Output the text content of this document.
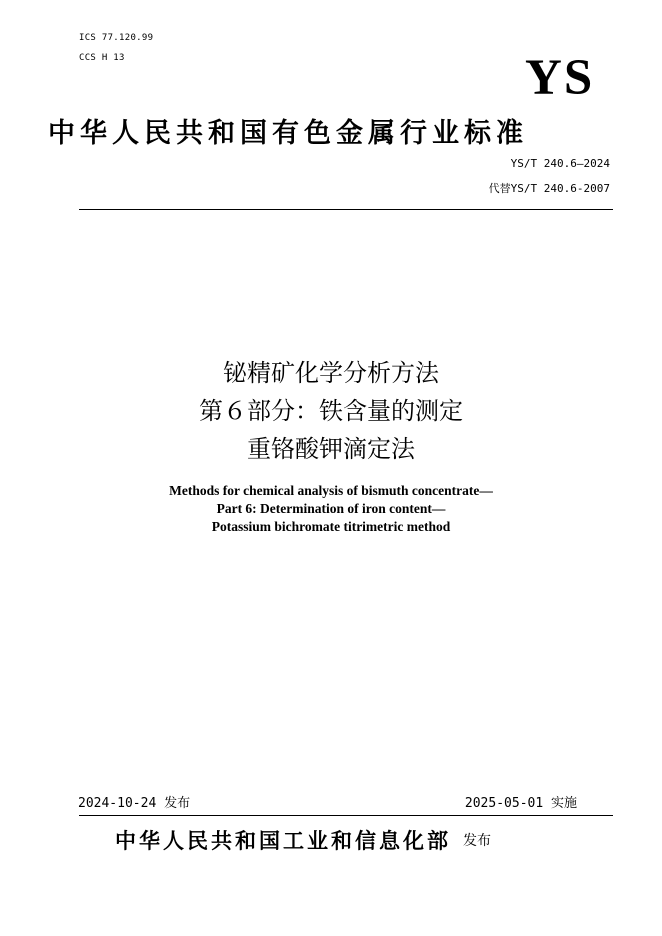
ICS 77.120.99
CCS H 13	YS
中华人民共和国有色金属行业标准
YS/T 240.6—2024
代替YS/T 240.6-2007
铋精矿化学分析方法
第６部分：铁含量的测定
重铬酸钾滴定法
Methods for chemical analysis of bismuth concentrate—
Part 6: Determination of iron content—
Potassium bichromate titrimetric method
2024-10-24 发布	2025-05-01 实施
中华人民共和国工业和信息化部 发布
